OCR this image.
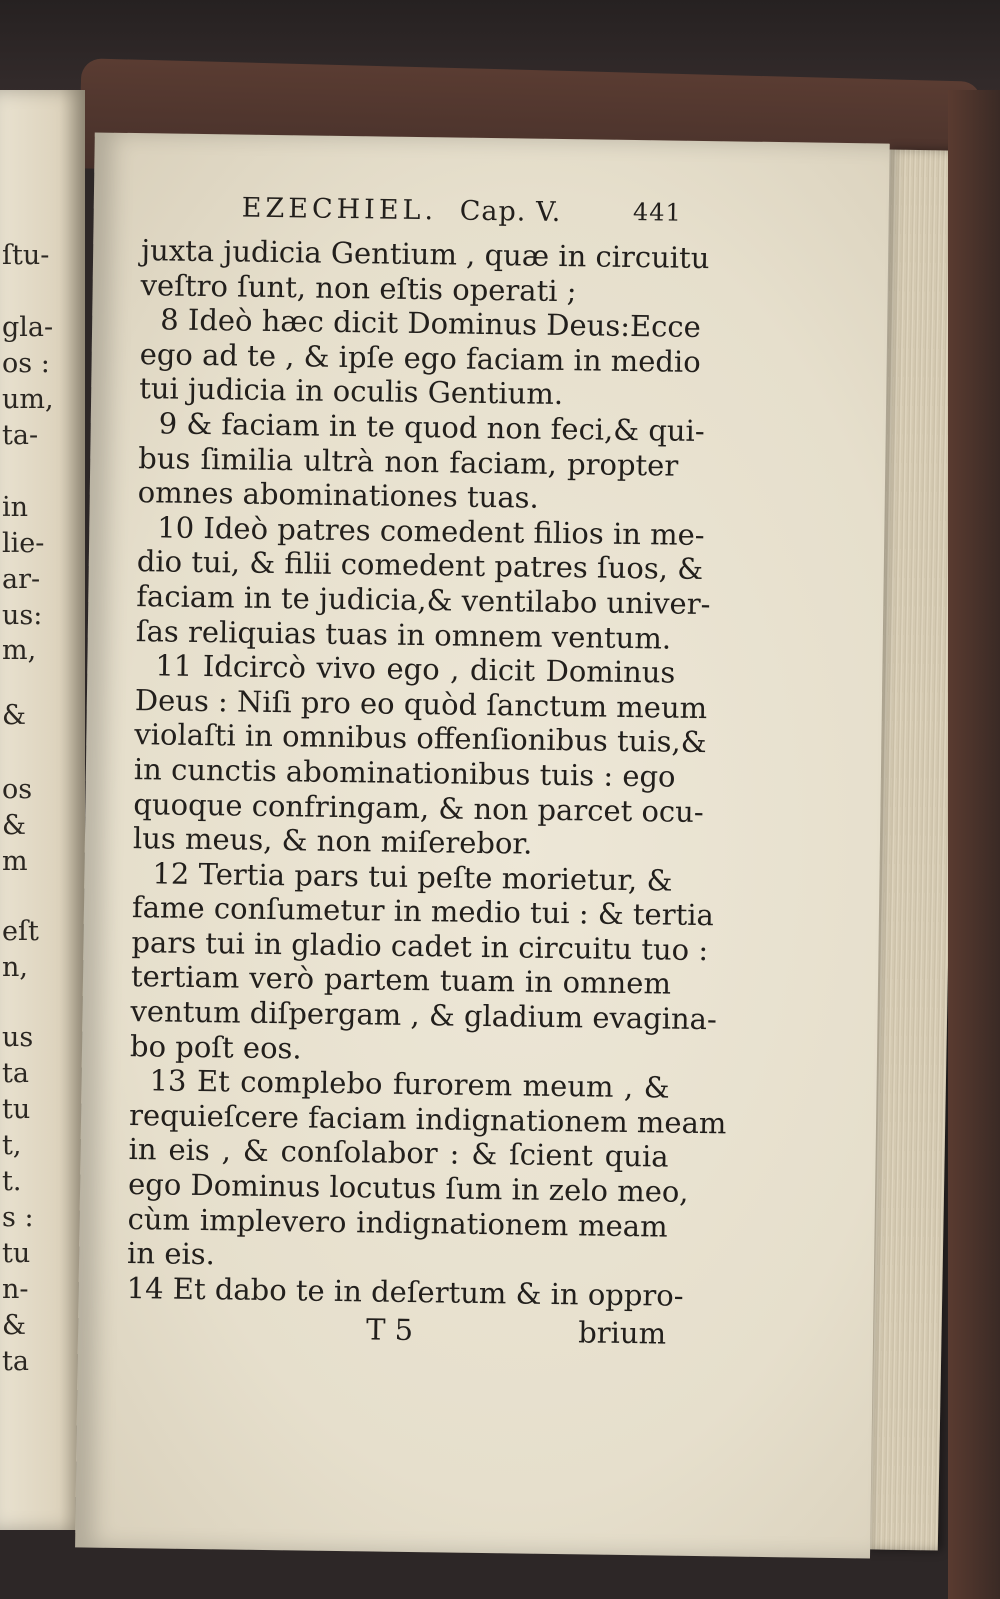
ſtu-
gla-
os :
um,
ta-
in
lie-
ar-
us:
m,
&
os
&
m
eſt
n,
us
ta
tu
t,
t.
s :
tu
n-
&
ta
EZECHIEL. Cap. V.	441
juxta judicia Gentium , quæ in circuitu
veſtro ſunt, non eſtis operati ;
8 Ideò hæc dicit Dominus Deus:Ecce
ego ad te , & ipſe ego faciam in medio
tui judicia in oculis Gentium.
9 & faciam in te quod non feci,& qui-
bus ſimilia ultrà non faciam, propter
omnes abominationes tuas.
10 Ideò patres comedent filios in me-
dio tui, & filii comedent patres ſuos, &
faciam in te judicia,& ventilabo univer-
ſas reliquias tuas in omnem ventum.
11 Idcircò vivo ego , dicit Dominus
Deus : Niſi pro eo quòd ſanctum meum
violaſti in omnibus offenſionibus tuis,&
in cunctis abominationibus tuis : ego
quoque confringam, & non parcet ocu-
lus meus, & non miſerebor.
12 Tertia pars tui peſte morietur, &
fame conſumetur in medio tui : & tertia
pars tui in gladio cadet in circuitu tuo :
tertiam verò partem tuam in omnem
ventum diſpergam , & gladium evagina-
bo poſt eos.
13 Et complebo furorem meum , &
requieſcere faciam indignationem meam
in eis , & conſolabor : & ſcient quia
ego Dominus locutus ſum in zelo meo,
cùm implevero indignationem meam
in eis.
14 Et dabo te in deſertum & in oppro-
T 5	brium
